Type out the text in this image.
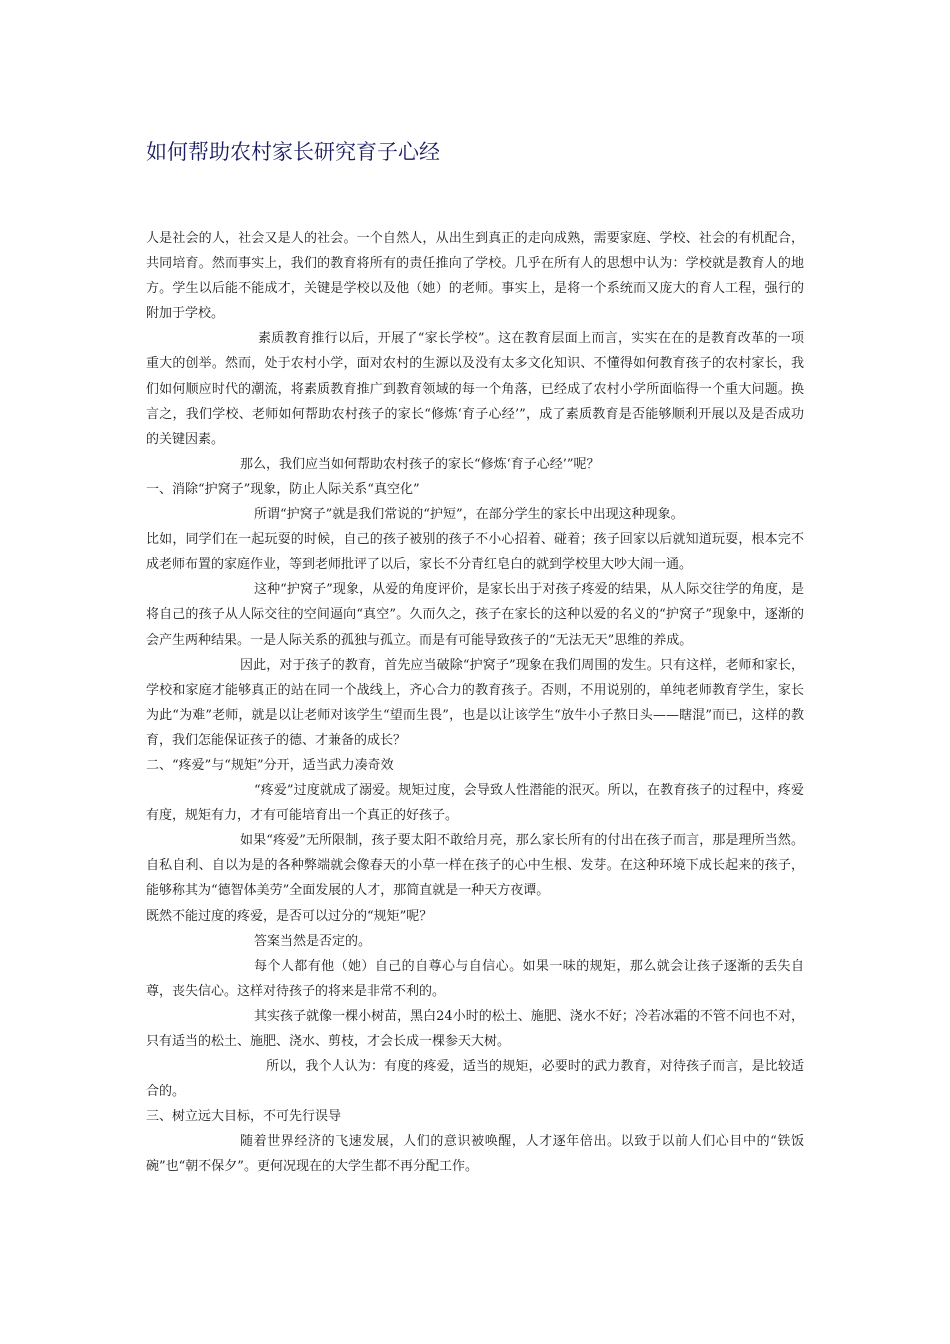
如何帮助农村家长研究育子心经

人是社会的人，社会又是人的社会。一个自然人，从出生到真正的走向成熟，需要家庭、学校、社会的有机配合，共同培育。然而事实上，我们的教育将所有的责任推向了学校。几乎在所有人的思想中认为：学校就是教育人的地方。学生以后能不能成才，关键是学校以及他（她）的老师。事实上，是将一个系统而又庞大的育人工程，强行的附加于学校。

素质教育推行以后，开展了“家长学校”。这在教育层面上而言，实实在在的是教育改革的一项重大的创举。然而，处于农村小学，面对农村的生源以及没有太多文化知识、不懂得如何教育孩子的农村家长，我们如何顺应时代的潮流，将素质教育推广到教育领域的每一个角落，已经成了农村小学所面临得一个重大问题。换言之，我们学校、老师如何帮助农村孩子的家长“修炼‘育子心经’”，成了素质教育是否能够顺利开展以及是否成功的关键因素。

那么，我们应当如何帮助农村孩子的家长“修炼‘育子心经’”呢？

一、消除“护窝子”现象，防止人际关系“真空化”

所谓“护窝子”就是我们常说的“护短”，在部分学生的家长中出现这种现象。

比如，同学们在一起玩耍的时候，自己的孩子被别的孩子不小心招着、碰着；孩子回家以后就知道玩耍，根本完不成老师布置的家庭作业，等到老师批评了以后，家长不分青红皂白的就到学校里大吵大闹一通。

这种“护窝子”现象，从爱的角度评价，是家长出于对孩子疼爱的结果，从人际交往学的角度，是将自己的孩子从人际交往的空间逼向“真空”。久而久之，孩子在家长的这种以爱的名义的“护窝子”现象中，逐渐的会产生两种结果。一是人际关系的孤独与孤立。而是有可能导致孩子的“无法无天”思维的养成。

因此，对于孩子的教育，首先应当破除“护窝子”现象在我们周围的发生。只有这样，老师和家长，学校和家庭才能够真正的站在同一个战线上，齐心合力的教育孩子。否则，不用说别的，单纯老师教育学生，家长为此“为难”老师，就是以让老师对该学生“望而生畏”，也是以让该学生“放牛小子熬日头——瞎混”而已，这样的教育，我们怎能保证孩子的德、才兼备的成长？

二、“疼爱”与“规矩”分开，适当武力凑奇效

“疼爱”过度就成了溺爱。规矩过度，会导致人性潜能的泯灭。所以，在教育孩子的过程中，疼爱有度，规矩有力，才有可能培育出一个真正的好孩子。

如果“疼爱”无所限制，孩子要太阳不敢给月亮，那么家长所有的付出在孩子而言，那是理所当然。自私自利、自以为是的各种弊端就会像春天的小草一样在孩子的心中生根、发芽。在这种环境下成长起来的孩子，能够称其为“德智体美劳”全面发展的人才，那简直就是一种天方夜谭。

既然不能过度的疼爱，是否可以过分的“规矩”呢？

答案当然是否定的。

每个人都有他（她）自己的自尊心与自信心。如果一味的规矩，那么就会让孩子逐渐的丢失自尊，丧失信心。这样对待孩子的将来是非常不利的。

其实孩子就像一棵小树苗，黑白24小时的松土、施肥、浇水不好；冷若冰霜的不管不问也不对，只有适当的松土、施肥、浇水、剪枝，才会长成一棵参天大树。

所以，我个人认为：有度的疼爱，适当的规矩，必要时的武力教育，对待孩子而言，是比较适合的。

三、树立远大目标，不可先行误导

随着世界经济的飞速发展，人们的意识被唤醒，人才逐年倍出。以致于以前人们心目中的“铁饭碗”也“朝不保夕”。更何况现在的大学生都不再分配工作。
